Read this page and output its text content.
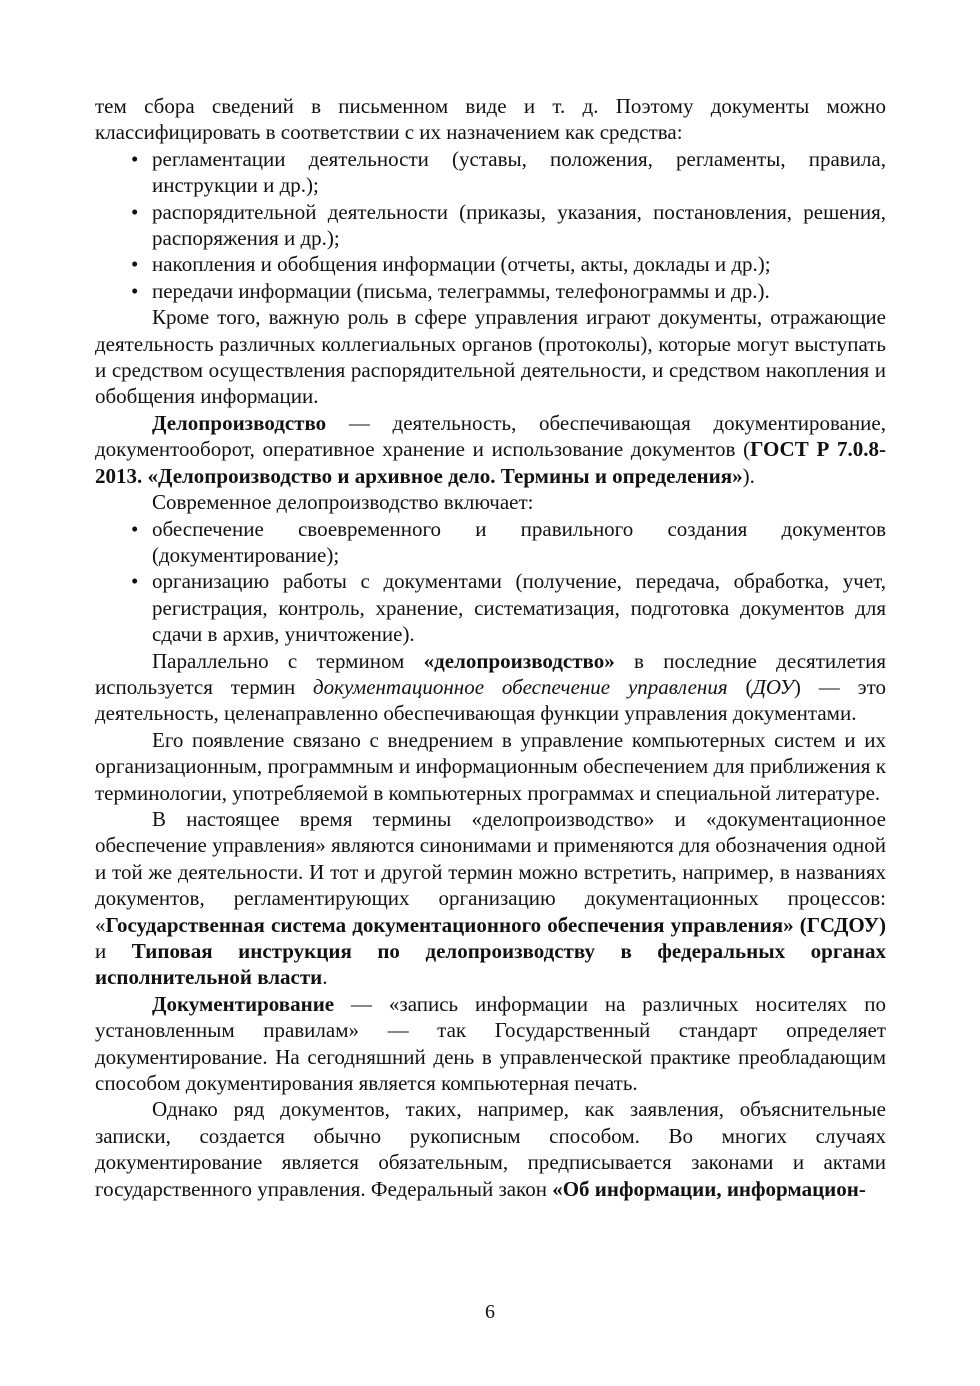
тем сбора сведений в письменном виде и т. д. Поэтому документы можно классифицировать в соответствии с их назначением как средства:

• регламентации деятельности (уставы, положения, регламенты, правила, инструкции и др.);
• распорядительной деятельности (приказы, указания, постановления, решения, распоряжения и др.);
• накопления и обобщения информации (отчеты, акты, доклады и др.);
• передачи информации (письма, телеграммы, телефонограммы и др.).

Кроме того, важную роль в сфере управления играют документы, отражающие деятельность различных коллегиальных органов (протоколы), которые могут выступать и средством осуществления распорядительной деятельности, и средством накопления и обобщения информации.

Делопроизводство — деятельность, обеспечивающая документирование, документооборот, оперативное хранение и использование документов (ГОСТ Р 7.0.8-2013. «Делопроизводство и архивное дело. Термины и определения»).

Современное делопроизводство включает:

• обеспечение своевременного и правильного создания документов (документирование);
• организацию работы с документами (получение, передача, обработка, учет, регистрация, контроль, хранение, систематизация, подготовка документов для сдачи в архив, уничтожение).

Параллельно с термином «делопроизводство» в последние десятилетия используется термин документационное обеспечение управления (ДОУ) — это деятельность, целенаправленно обеспечивающая функции управления документами.

Его появление связано с внедрением в управление компьютерных систем и их организационным, программным и информационным обеспечением для приближения к терминологии, употребляемой в компьютерных программах и специальной литературе.

В настоящее время термины «делопроизводство» и «документационное обеспечение управления» являются синонимами и применяются для обозначения одной и той же деятельности. И тот и другой термин можно встретить, например, в названиях документов, регламентирующих организацию документационных процессов: «Государственная система документационного обеспечения управления» (ГСДОУ) и Типовая инструкция по делопроизводству в федеральных органах исполнительной власти.

Документирование — «запись информации на различных носителях по установленным правилам» — так Государственный стандарт определяет документирование. На сегодняшний день в управленческой практике преобладающим способом документирования является компьютерная печать.

Однако ряд документов, таких, например, как заявления, объяснительные записки, создается обычно рукописным способом. Во многих случаях документирование является обязательным, предписывается законами и актами государственного управления. Федеральный закон «Об информации, информацион-

6
